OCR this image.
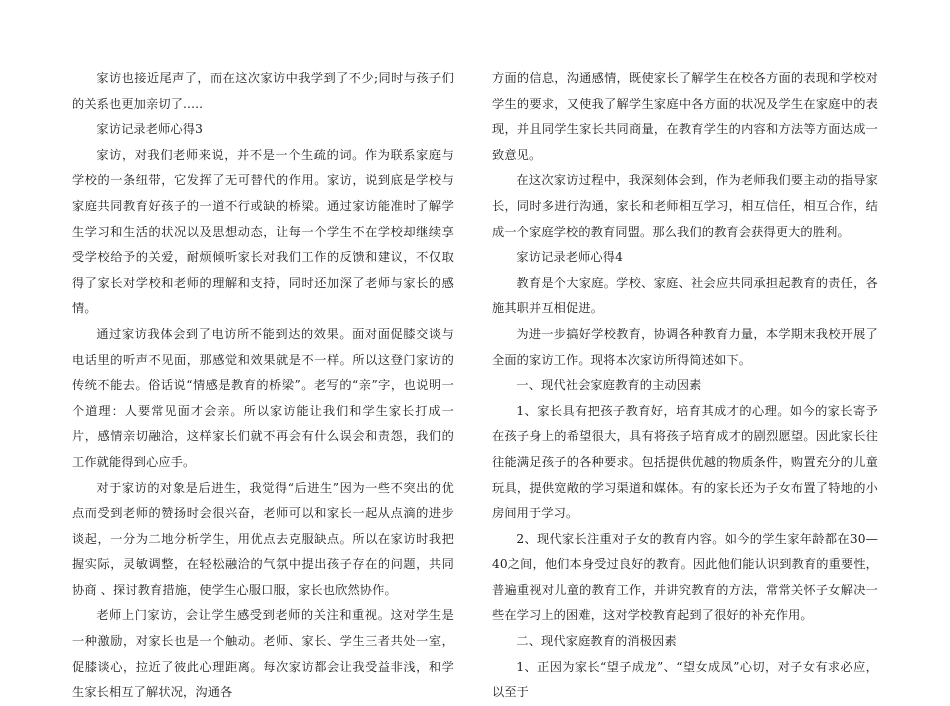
家访也接近尾声了，而在这次家访中我学到了不少;同时与孩子们的关系也更加亲切了.....

家访记录老师心得3

家访，对我们老师来说，并不是一个生疏的词。作为联系家庭与学校的一条纽带，它发挥了无可替代的作用。家访，说到底是学校与家庭共同教育好孩子的一道不行或缺的桥梁。通过家访能准时了解学生学习和生活的状况以及思想动态，让每一个学生不在学校却继续享受学校给予的关爱，耐烦倾听家长对我们工作的反馈和建议，不仅取得了家长对学校和老师的理解和支持，同时还加深了老师与家长的感情。

通过家访我体会到了电访所不能到达的效果。面对面促膝交谈与电话里的听声不见面，那感觉和效果就是不一样。所以这登门家访的传统不能去。俗话说“情感是教育的桥梁”。老写的“亲”字，也说明一个道理：人要常见面才会亲。所以家访能让我们和学生家长打成一片，感情亲切融洽，这样家长们就不再会有什么误会和责怨，我们的工作就能得到心应手。

对于家访的对象是后进生，我觉得“后进生”因为一些不突出的优点而受到老师的赞扬时会很兴奋，老师可以和家长一起从点滴的进步谈起，一分为二地分析学生，用优点去克服缺点。所以在家访时我把握实际，灵敏调整，在轻松融洽的气氛中提出孩子存在的问题，共同协商 、探讨教育措施，使学生心服口服，家长也欣然协作。

老师上门家访，会让学生感受到老师的关注和重视。这对学生是一种激励，对家长也是一个触动。老师、家长、学生三者共处一室，促膝谈心，拉近了彼此心理距离。每次家访都会让我受益非浅，和学生家长相互了解状况，沟通各

方面的信息，沟通感情，既使家长了解学生在校各方面的表现和学校对学生的要求，又使我了解学生家庭中各方面的状况及学生在家庭中的表现，并且同学生家长共同商量，在教育学生的内容和方法等方面达成一致意见。

在这次家访过程中，我深刻体会到，作为老师我们要主动的指导家长，同时多进行沟通，家长和老师相互学习，相互信任，相互合作，结成一个家庭学校的教育同盟。那么我们的教育会获得更大的胜利。

家访记录老师心得4

教育是个大家庭。学校、家庭、社会应共同承担起教育的责任，各施其职并互相促进。

为进一步搞好学校教育，协调各种教育力量，本学期末我校开展了全面的家访工作。现将本次家访所得简述如下。

一、现代社会家庭教育的主动因素

1、家长具有把孩子教育好，培育其成才的心理。如今的家长寄予在孩子身上的希望很大，具有将孩子培育成才的剧烈愿望。因此家长往往能满足孩子的各种要求。包括提供优越的物质条件，购置充分的儿童玩具，提供宽敞的学习渠道和媒体。有的家长还为子女布置了特地的小房间用于学习。

2、现代家长注重对子女的教育内容。如今的学生家年龄都在30—40之间，他们本身受过良好的教育。因此他们能认识到教育的重要性，普遍重视对儿童的教育工作，并讲究教育的方法，常常关怀子女解决一些在学习上的困难，这对学校教育起到了很好的补充作用。

二、现代家庭教育的消极因素

1、正因为家长“望子成龙”、“望女成凤”心切，对子女有求必应，以至于
